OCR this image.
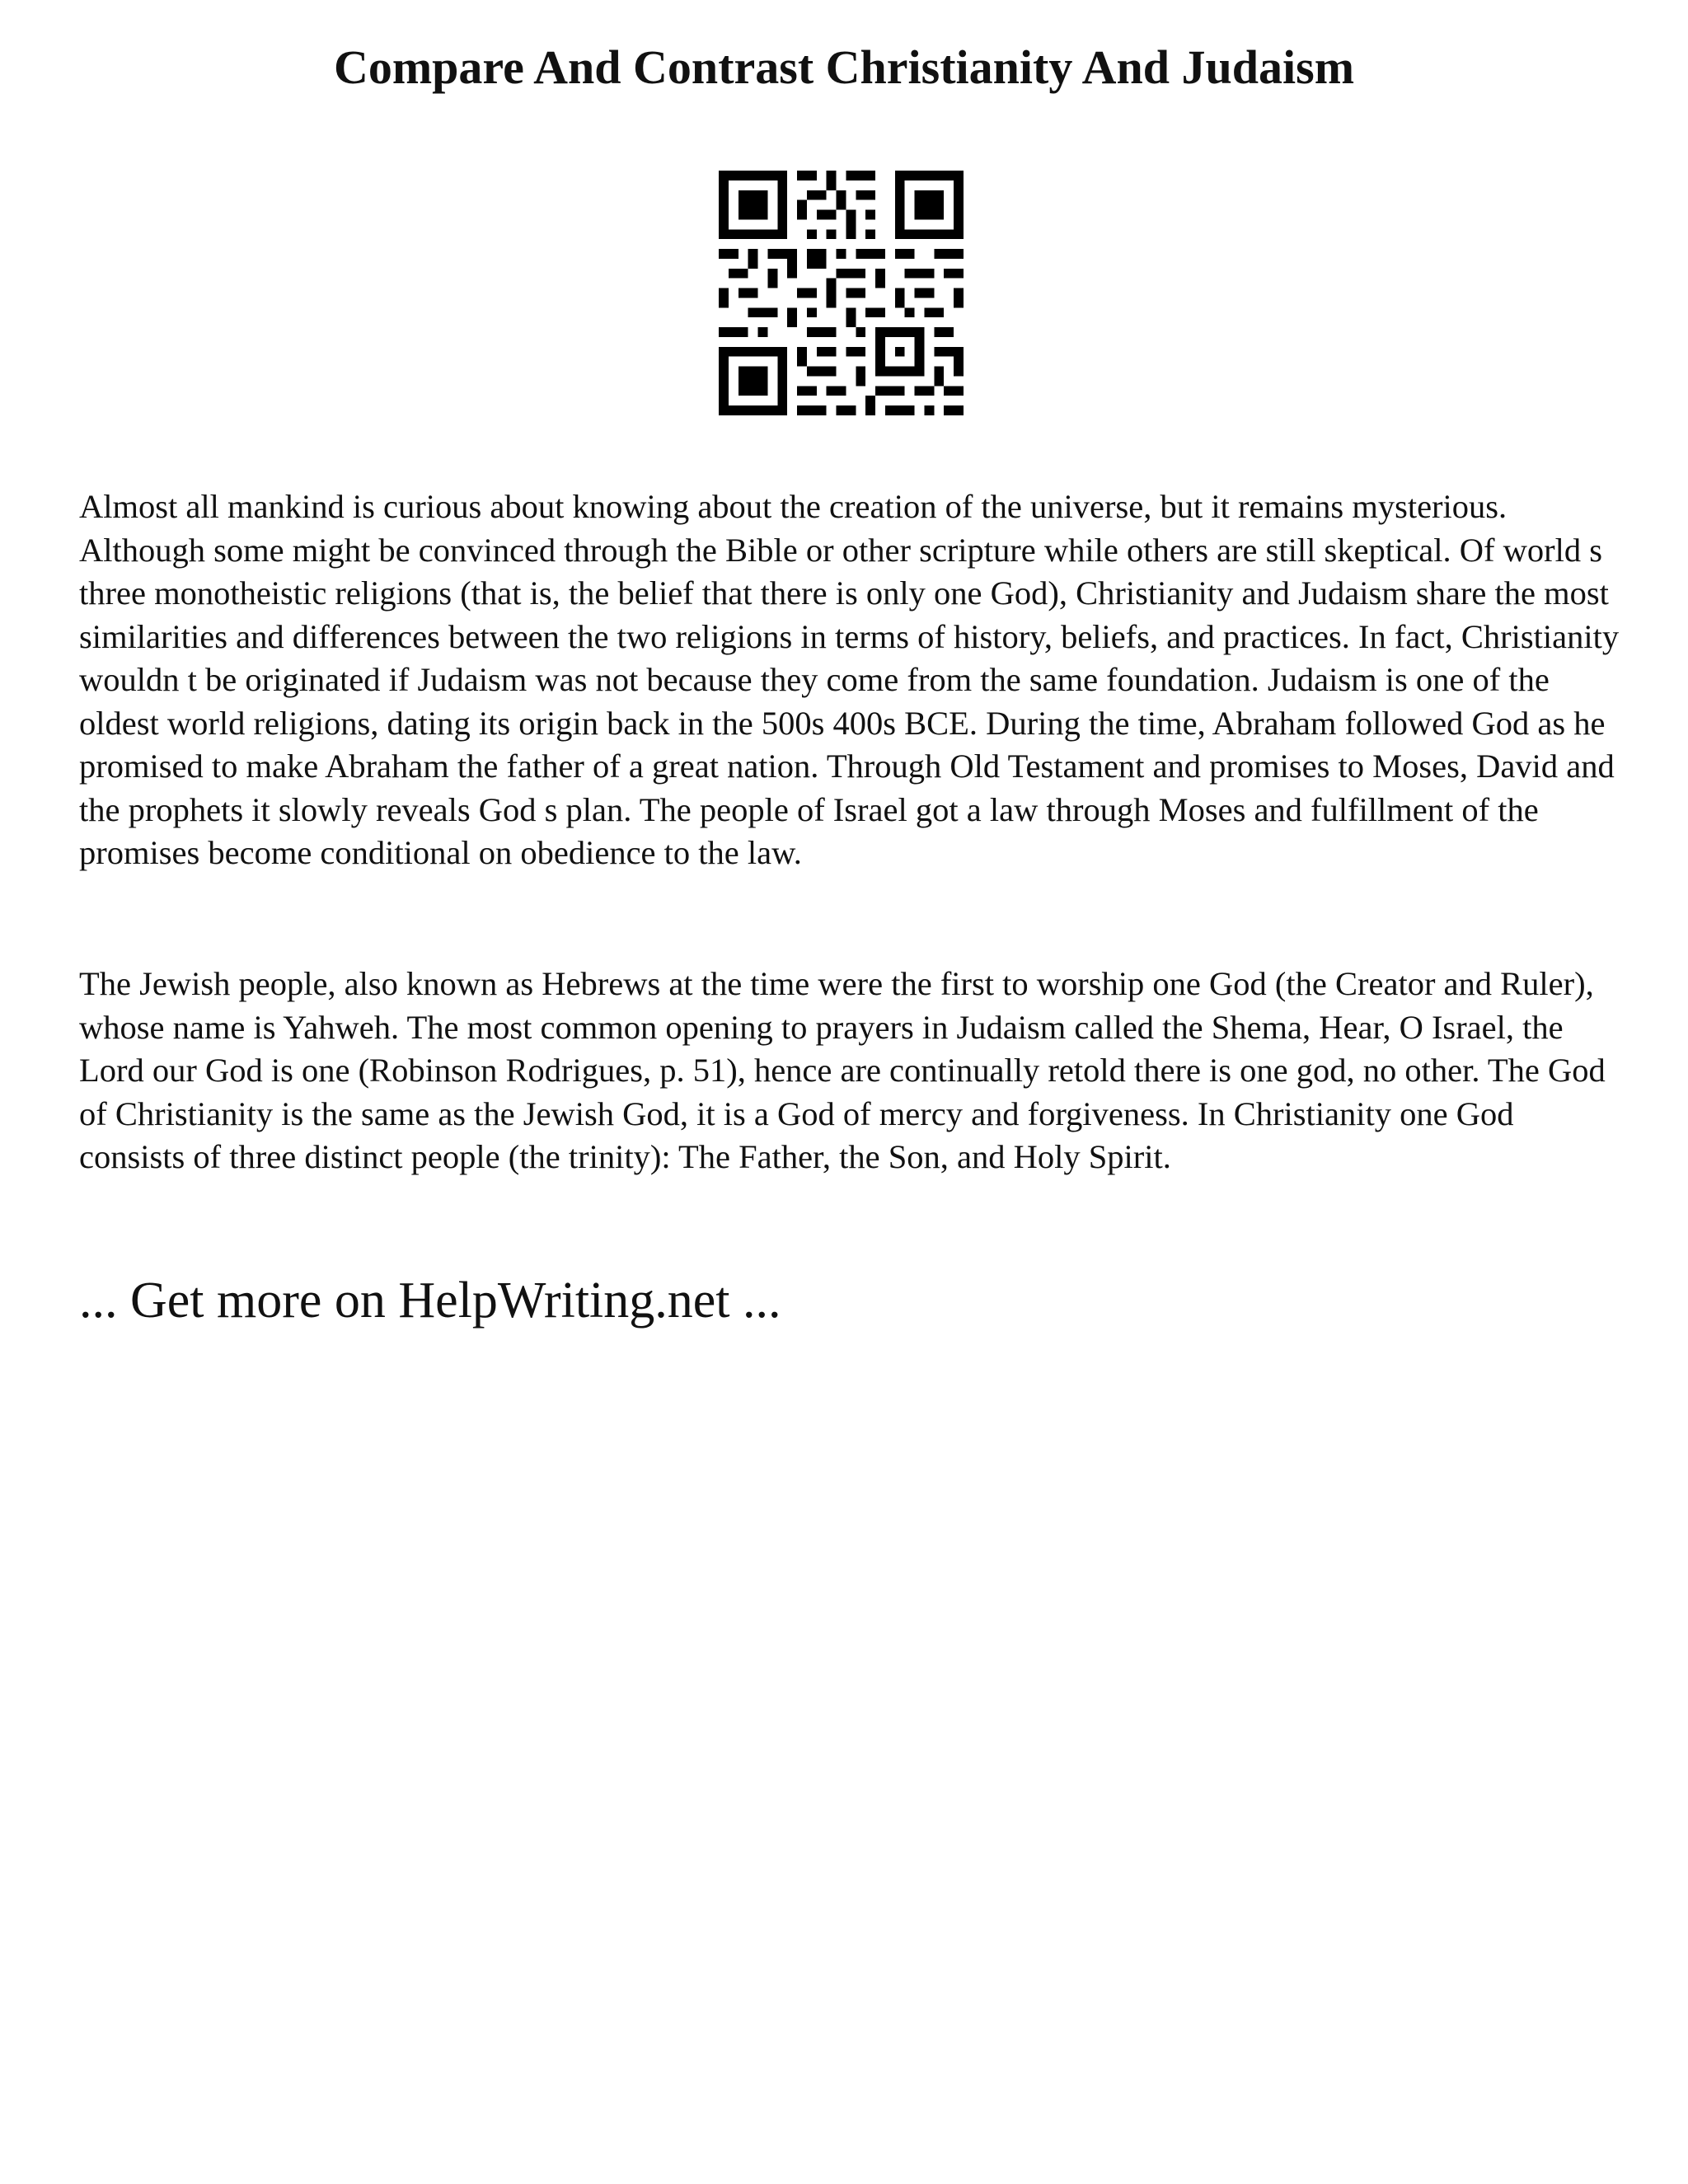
Compare And Contrast Christianity And Judaism

Almost all mankind is curious about knowing about the creation of the universe, but it remains mysterious. Although some might be convinced through the Bible or other scripture while others are still skeptical. Of world s three monotheistic religions (that is, the belief that there is only one God), Christianity and Judaism share the most similarities and differences between the two religions in terms of history, beliefs, and practices. In fact, Christianity wouldn t be originated if Judaism was not because they come from the same foundation. Judaism is one of the oldest world religions, dating its origin back in the 500s 400s BCE. During the time, Abraham followed God as he promised to make Abraham the father of a great nation. Through Old Testament and promises to Moses, David and the prophets it slowly reveals God s plan. The people of Israel got a law through Moses and fulfillment of the promises become conditional on obedience to the law.

The Jewish people, also known as Hebrews at the time were the first to worship one God (the Creator and Ruler), whose name is Yahweh. The most common opening to prayers in Judaism called the Shema, Hear, O Israel, the Lord our God is one (Robinson Rodrigues, p. 51), hence are continually retold there is one god, no other. The God of Christianity is the same as the Jewish God, it is a God of mercy and forgiveness. In Christianity one God consists of three distinct people (the trinity): The Father, the Son, and Holy Spirit.

... Get more on HelpWriting.net ...
